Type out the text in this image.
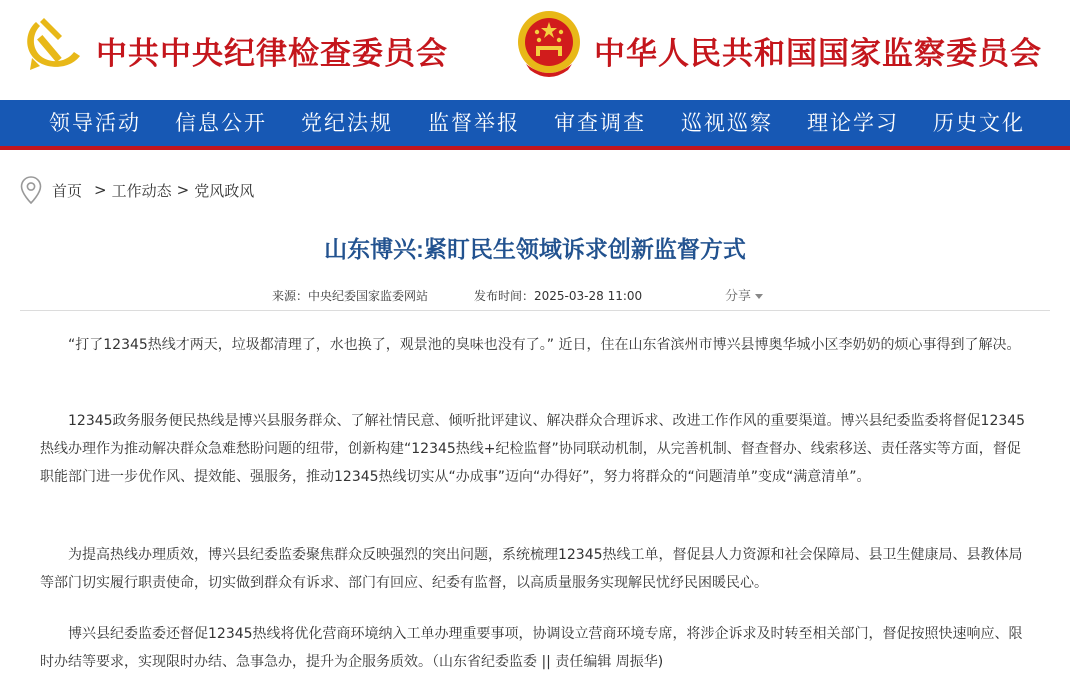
中共中央纪律检查委员会	中华人民共和国国家监察委员会
领导活动 信息公开 党纪法规 监督举报 审查调查 巡视巡察 理论学习 历史文化
首页 > 工作动态 > 党风政风
山东博兴:紧盯民生领域诉求创新监督方式
来源：中央纪委国家监委网站	发布时间：2025-03-28 11:00	分享
“打了12345热线才两天，垃圾都清理了，水也换了，观景池的臭味也没有了。” 近日，住在山东省滨州市博兴县博奥华城小区李奶奶的烦心事得到了解决。
12345政务服务便民热线是博兴县服务群众、了解社情民意、倾听批评建议、解决群众合理诉求、改进工作作风的重要渠道。博兴县纪委监委将督促12345热线办理作为推动解决群众急难愁盼问题的纽带，创新构建“12345热线+纪检监督”协同联动机制，从完善机制、督查督办、线索移送、责任落实等方面，督促职能部门进一步优作风、提效能、强服务，推动12345热线切实从“办成事”迈向“办得好”，努力将群众的“问题清单”变成“满意清单”。
为提高热线办理质效，博兴县纪委监委聚焦群众反映强烈的突出问题，系统梳理12345热线工单，督促县人力资源和社会保障局、县卫生健康局、县教体局等部门切实履行职责使命，切实做到群众有诉求、部门有回应、纪委有监督，以高质量服务实现解民忧纾民困暖民心。
博兴县纪委监委还督促12345热线将优化营商环境纳入工单办理重要事项，协调设立营商环境专席，将涉企诉求及时转至相关部门，督促按照快速响应、限时办结等要求，实现限时办结、急事急办，提升为企服务质效。（山东省纪委监委 || 责任编辑 周振华)
